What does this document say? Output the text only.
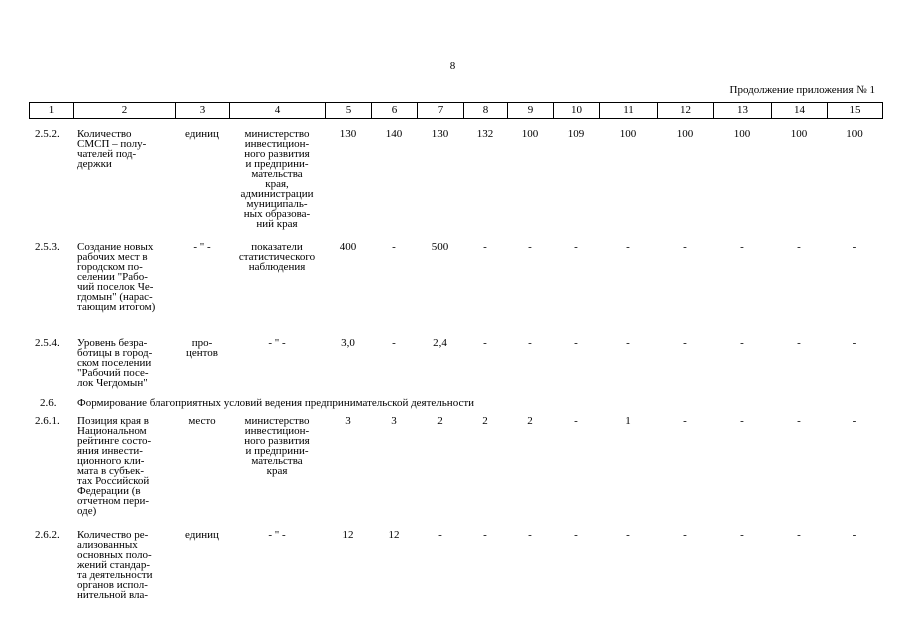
8
Продолжение приложения № 1
1	2	3	4	5	6	7	8	9	10	11	12	13	14	15
2.5.2.	Количество
СМСП – полу-
чателей под-
держки
единиц	министерство
инвестицион-
ного развития
и предприни-
мательства
края,
администрации
муниципаль-
ных образова-
ний края
130	140	130	132	100	109	100	100	100	100	100
2.5.3.	Создание новых
рабочих мест в
городском по-
селении "Рабо-
чий поселок Че-
гдомын" (нарас-
тающим итогом)
- " -	показатели
статистического
наблюдения
400	-	500	-	-	-	-	-	-	-	-
2.5.4.	Уровень безра-
ботицы в город-
ском поселении
"Рабочий посе-
лок Чегдомын"
про-
центов
- " -	3,0	-	2,4	-	-	-	-	-	-	-	-
2.6. Формирование благоприятных условий ведения предпринимательской деятельности
2.6.1.	Позиция края в
Национальном
рейтинге состо-
яния инвести-
ционного кли-
мата в субъек-
тах Российской
Федерации (в
отчетном пери-
оде)
место	министерство
инвестицион-
ного развития
и предприни-
мательства
края
3	3	2	2	2	-	1	-	-	-	-
2.6.2.	Количество ре-
ализованных
основных поло-
жений стандар-
та деятельности
органов испол-
нительной вла-
единиц	- " -	12	12	-	-	-	-	-	-	-	-	-
